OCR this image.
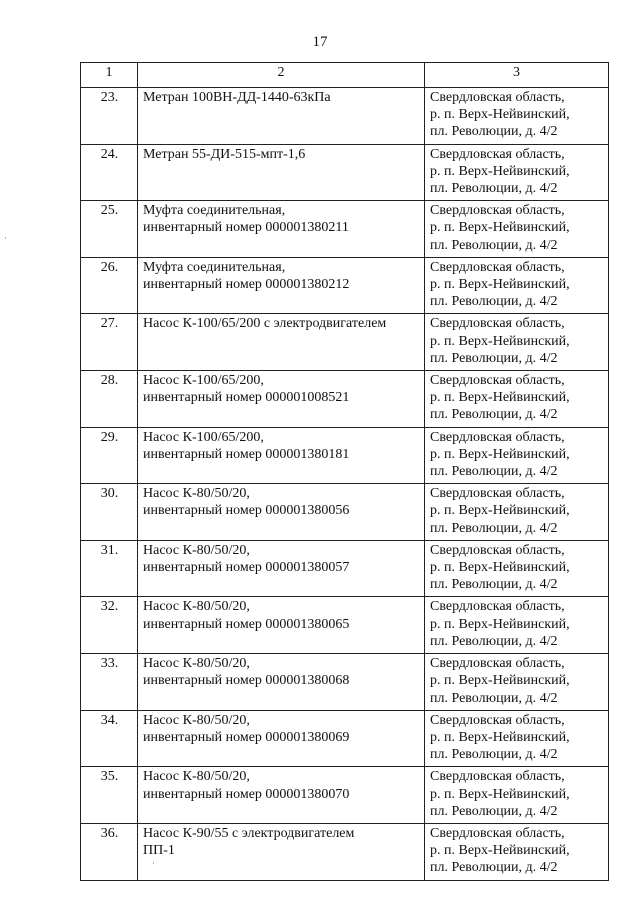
17
1	2	3
23.	Метран 100ВН-ДД-1440-63кПа	Свердловская область,
р. п. Верх-Нейвинский,
пл. Революции, д. 4/2

24.	Метран 55-ДИ-515-мпт-1,6	Свердловская область,
р. п. Верх-Нейвинский,
пл. Революции, д. 4/2

25.	Муфта соединительная,
инвентарный номер 000001380211	Свердловская область,
р. п. Верх-Нейвинский,
пл. Революции, д. 4/2

26.	Муфта соединительная,
инвентарный номер 000001380212	Свердловская область,
р. п. Верх-Нейвинский,
пл. Революции, д. 4/2

27.	Насос К-100/65/200 с электродвигателем	Свердловская область,
р. п. Верх-Нейвинский,
пл. Революции, д. 4/2

28.	Насос К-100/65/200,
инвентарный номер 000001008521	Свердловская область,
р. п. Верх-Нейвинский,
пл. Революции, д. 4/2

29.	Насос К-100/65/200,
инвентарный номер 000001380181	Свердловская область,
р. п. Верх-Нейвинский,
пл. Революции, д. 4/2

30.	Насос К-80/50/20,
инвентарный номер 000001380056	Свердловская область,
р. п. Верх-Нейвинский,
пл. Революции, д. 4/2

31.	Насос К-80/50/20,
инвентарный номер 000001380057	Свердловская область,
р. п. Верх-Нейвинский,
пл. Революции, д. 4/2

32.	Насос К-80/50/20,
инвентарный номер 000001380065	Свердловская область,
р. п. Верх-Нейвинский,
пл. Революции, д. 4/2

33.	Насос К-80/50/20,
инвентарный номер 000001380068	Свердловская область,
р. п. Верх-Нейвинский,
пл. Революции, д. 4/2

34.	Насос К-80/50/20,
инвентарный номер 000001380069	Свердловская область,
р. п. Верх-Нейвинский,
пл. Революции, д. 4/2

35.	Насос К-80/50/20,
инвентарный номер 000001380070	Свердловская область,
р. п. Верх-Нейвинский,
пл. Революции, д. 4/2

36.	Насос К-90/55 с электродвигателем
ПП-1	Свердловская область,
р. п. Верх-Нейвинский,
пл. Революции, д. 4/2
·
·
